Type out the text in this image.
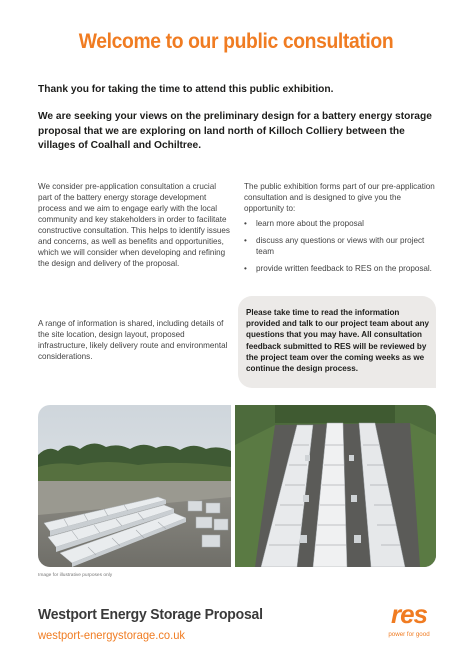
Welcome to our public consultation

Thank you for taking the time to attend this public exhibition.

We are seeking your views on the preliminary design for a battery energy storage proposal that we are exploring on land north of Killoch Colliery between the villages of Coalhall and Ochiltree.

We consider pre-application consultation a crucial part of the battery energy storage development process and we aim to engage early with the local community and key stakeholders in order to facilitate constructive consultation. This helps to identify issues and concerns, as well as benefits and opportunities, which we will consider when developing and refining the design and delivery of the proposal.

A range of information is shared, including details of the site location, design layout, proposed infrastructure, likely delivery route and environmental considerations.

The public exhibition forms part of our pre-application consultation and is designed to give you the opportunity to:

• learn more about the proposal
• discuss any questions or views with our project team
• provide written feedback to RES on the proposal.

Please take time to read the information provided and talk to our project team about any questions that you may have. All consultation feedback submitted to RES will be reviewed by the project team over the coming weeks as we continue the design process.

Image for illustrative purposes only
Westport Energy Storage Proposal
westport-energystorage.co.uk
res
power for good
